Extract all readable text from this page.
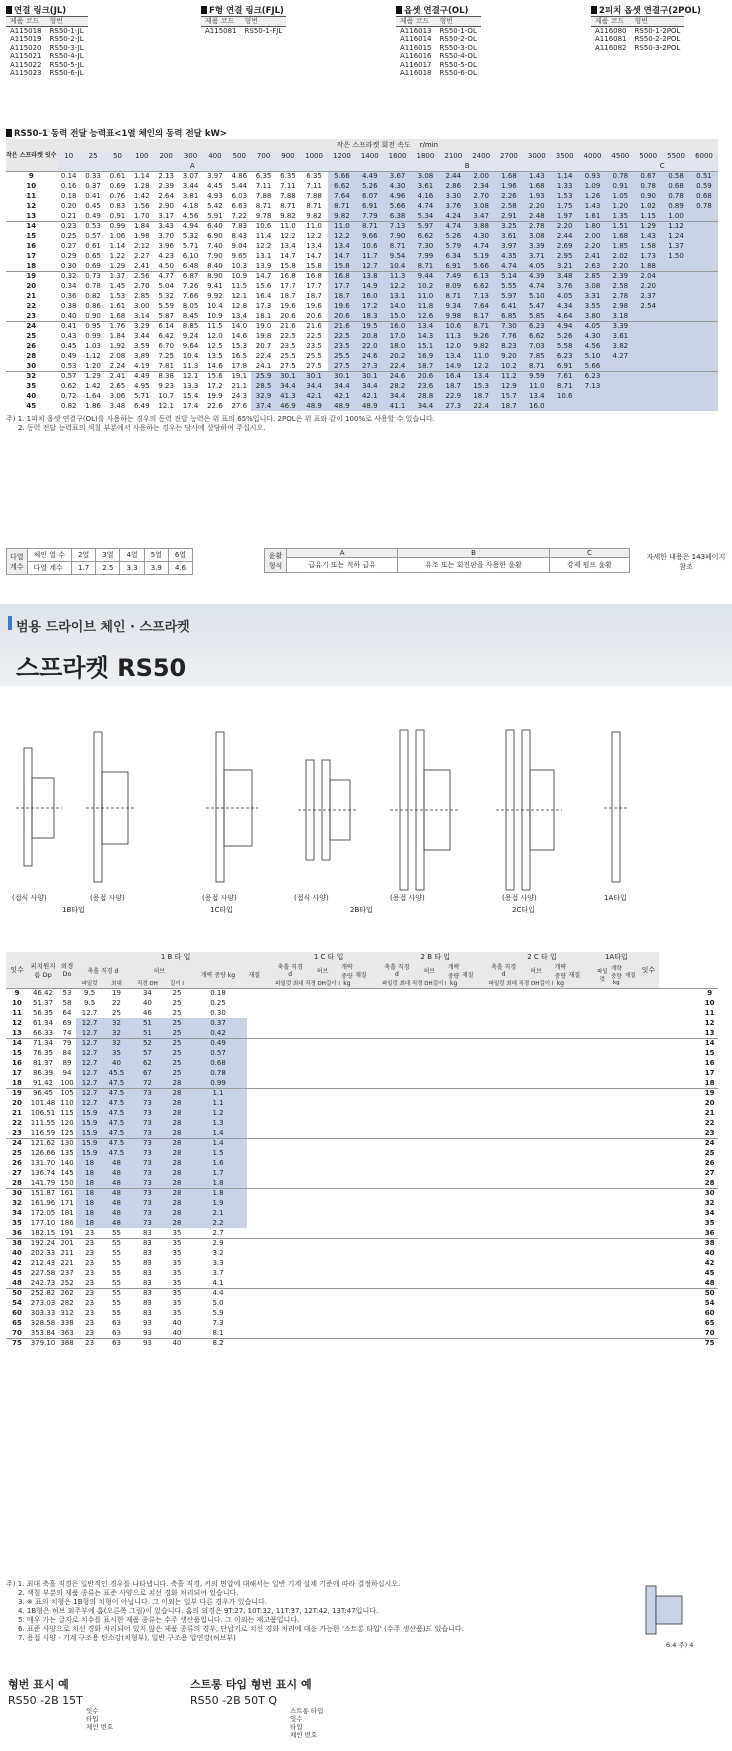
연결 링크(JL)
제품 코드	형번
A115018	RS50-1-JL
A115019	RS50-2-JL
A115020	RS50-3-JL
A115021	RS50-4-JL
A115022	RS50-5-JL
A115023	RS50-6-JL
F형 연결 링크(FJL)
제품 코드	형번
A115081	RS50-1-FJL
옵셋 연결구(OL)
제품 코드	형번
A116013	RS50-1-OL
A116014	RS50-2-OL
A116015	RS50-3-OL
A116016	RS50-4-OL
A116017	RS50-5-OL
A116018	RS50-6-OL
2피치 옵셋 연결구(2POL)
제품 코드	형번
A116080	RS50-1-2POL
A116081	RS50-2-2POL
A116082	RS50-3-2POL
RS50-1 동력 전달 능력표<1열 체인의 동력 전달 kW>
작은 스프라켓 잇수	작은 스프라켓 회전 속도 r/min																								
	10	25	50	100	200	300	400	500	700	900	1000	1200	1400	1600	1800	2100	2400	2700	3000	3500	4000	4500	5000	5500	6000
	A											B										C			
9	0.14	0.33	0.61	1.14	2.13	3.07	3.97	4.86	6.35	6.35	6.35	5.66	4.49	3.67	3.08	2.44	2.00	1.68	1.43	1.14	0.93	0.78	0.67	0.58	0.51
10	0.16	0.37	0.69	1.28	2.39	3.44	4.45	5.44	7.11	7.11	7.11	6.62	5.26	4.30	3.61	2.86	2.34	1.96	1.68	1.33	1.09	0.91	0.78	0.68	0.59
11	0.18	0.41	0.76	1.42	2.64	3.81	4.93	6.03	7.88	7.88	7.88	7.64	6.07	4.96	4.16	3.30	2.70	2.26	1.93	1.53	1.26	1.05	0.90	0.78	0.68
12	0.20	0.45	0.83	1.56	2.90	4.18	5.42	6.63	8.71	8.71	8.71	8.71	6.91	5.66	4.74	3.76	3.08	2.58	2.20	1.75	1.43	1.20	1.02	0.89	0.78
13	0.21	0.49	0.91	1.70	3.17	4.56	5.91	7.22	9.78	9.82	9.82	9.82	7.79	6.38	5.34	4.24	3.47	2.91	2.48	1.97	1.61	1.35	1.15	1.00	
14	0.23	0.53	0.99	1.84	3.43	4.94	6.40	7.83	10.6	11.0	11.0	11.0	8.71	7.13	5.97	4.74	3.88	3.25	2.78	2.20	1.80	1.51	1.29	1.12	
15	0.25	0.57	1.06	1.98	3.70	5.32	6.90	8.43	11.4	12.2	12.2	12.2	9.66	7.90	6.62	5.26	4.30	3.61	3.08	2.44	2.00	1.68	1.43	1.24	
16	0.27	0.61	1.14	2.12	3.96	5.71	7.40	9.04	12.2	13.4	13.4	13.4	10.6	8.71	7.30	5.79	4.74	3.97	3.39	2.69	2.20	1.85	1.58	1.37	
17	0.29	0.65	1.22	2.27	4.23	6.10	7.90	9.65	13.1	14.7	14.7	14.7	11.7	9.54	7.99	6.34	5.19	4.35	3.71	2.95	2.41	2.02	1.73	1.50	
18	0.30	0.69	1.29	2.41	4.50	6.48	8.40	10.3	13.9	15.8	15.8	15.8	12.7	10.4	8.71	6.91	5.66	4.74	4.05	3.21	2.63	2.20	1.88		
19	0.32	0.73	1.37	2.56	4.77	6.87	8.90	10.9	14.7	16.8	16.8	16.8	13.8	11.3	9.44	7.49	6.13	5.14	4.39	3.48	2.85	2.39	2.04		
20	0.34	0.78	1.45	2.70	5.04	7.26	9.41	11.5	15.6	17.7	17.7	17.7	14.9	12.2	10.2	8.09	6.62	5.55	4.74	3.76	3.08	2.58	2.20		
21	0.36	0.82	1.53	2.85	5.32	7.66	9.92	12.1	16.4	18.7	18.7	18.7	16.0	13.1	11.0	8.71	7.13	5.97	5.10	4.05	3.31	2.78	2.37		
22	0.38	0.86	1.61	3.00	5.59	8.05	10.4	12.8	17.3	19.6	19.6	19.6	17.2	14.0	11.8	9.34	7.64	6.41	5.47	4.34	3.55	2.98	2.54		
23	0.40	0.90	1.68	3.14	5.87	8.45	10.9	13.4	18.1	20.6	20.6	20.6	18.3	15.0	12.6	9.98	8.17	6.85	5.85	4.64	3.80	3.18			
24	0.41	0.95	1.76	3.29	6.14	8.85	11.5	14.0	19.0	21.6	21.6	21.6	19.5	16.0	13.4	10.6	8.71	7.30	6.23	4.94	4.05	3.39			
25	0.43	0.99	1.84	3.44	6.42	9.24	12.0	14.6	19.8	22.5	22.5	22.5	20.8	17.0	14.3	11.3	9.26	7.76	6.62	5.26	4.30	3.61			
26	0.45	1.03	1.92	3.59	6.70	9.64	12.5	15.3	20.7	23.5	23.5	23.5	22.0	18.0	15.1	12.0	9.82	8.23	7.03	5.58	4.56	3.82			
28	0.49	1.12	2.08	3.89	7.25	10.4	13.5	16.5	22.4	25.5	25.5	25.5	24.6	20.2	16.9	13.4	11.0	9.20	7.85	6.23	5.10	4.27			
30	0.53	1.20	2.24	4.19	7.81	11.3	14.6	17.8	24.1	27.5	27.5	27.5	27.3	22.4	18.7	14.9	12.2	10.2	8.71	6.91	5.66				
32	0.57	1.29	2.41	4.49	8.38	12.1	15.6	19.1	25.9	30.1	30.1	30.1	30.1	24.6	20.6	16.4	13.4	11.2	9.59	7.61	6.23				
35	0.62	1.42	2.65	4.95	9.23	13.3	17.2	21.1	28.5	34.4	34.4	34.4	34.4	28.2	23.6	18.7	15.3	12.9	11.0	8.71	7.13				
40	0.72	1.64	3.06	5.71	10.7	15.4	19.9	24.3	32.9	41.3	42.1	42.1	42.1	34.4	28.8	22.9	18.7	15.7	13.4	10.6					
45	0.82	1.86	3.48	6.49	12.1	17.4	22.6	27.6	37.4	46.9	48.9	48.9	48.9	41.1	34.4	27.3	22.4	18.7	16.0						
주) 1. 1피치 옵셋 연결구(OL)를 사용하는 경우의 동력 전달 능력은 위 표의 65%입니다. 2POL은 위 표와 같이 100%로 사용할 수 있습니다.
2. 동력 전달 능력표의 색칠 부분에서 사용하는 경우는 당사에 상담하여 주십시오.
다열
계수	체인 열 수	2열	3열	4열	5열	6열
	다열 계수	1.7	2.5	3.3	3.9	4.6
윤활
형식	A	B	C
	급유기 또는 적하 급유	유조 또는 회전판을 사용한 윤활	강제 펌프 윤활
자세한 내용은 143페이지 참조
범용 드라이브 체인 · 스프라켓
스프라켓 RS50
(접식 사양)	(용접 사양)
1B타입
(용접 사양)
1C타입
(접식 사양)	(용접 사양)
2B타입
(용접 사양)
2C타입
1A타입
잇수	피치원지름 Dp	외경 Do	1 B 타 입							1 C 타 입							2 B 타 입							2 C 타 입							1A타입			잇수				
			축흘 직경 d		허브		개략 중량 kg	재질		축흘 직경 d		허브		개략 중량 kg	재질		축흘 직경 d		허브		개략 중량 kg	재질		축흘 직경 d		허브		개략 중량 kg	재질		파일럿	개략 중량 kg	재질					
			파일럿	최대	직경 DH	길이 l				파일럿	최대	직경 DH	길이 l				파일럿	최대	직경 DH	길이 l				파일럿	최대	직경 DH	길이 l											
9	46.42	53	9.5	19	34	25	0.18																															9
10	51.37	58	9.5	22	40	25	0.25																															10
11	56.35	64	12.7	25	46	25	0.30																															11
12	61.34	69	12.7	32	51	25	0.37																															12
13	66.33	74	12.7	32	51	25	0.42																															13
14	71.34	79	12.7	32	52	25	0.49																															14
15	76.35	84	12.7	35	57	25	0.57																															15
16	81.37	89	12.7	40	62	25	0.68																															16
17	86.39	94	12.7	45.5	67	25	0.78																															17
18	91.42	100	12.7	47.5	72	28	0.99																															18
19	96.45	105	12.7	47.5	73	28	1.1																															19
20	101.48	110	12.7	47.5	73	28	1.1																															20
21	106.51	115	15.9	47.5	73	28	1.2																															21
22	111.55	120	15.9	47.5	73	28	1.3																															22
23	116.59	125	15.9	47.5	73	28	1.4																															23
24	121.62	130	15.9	47.5	73	28	1.4																															24
25	126.66	135	15.9	47.5	73	28	1.5																															25
26	131.70	140	18	48	73	28	1.6																															26
27	136.74	145	18	48	73	28	1.7																															27
28	141.79	150	18	48	73	28	1.8																															28
30	151.87	161	18	48	73	28	1.8																															30
32	161.96	171	18	48	73	28	1.9																															32
34	172.05	181	18	48	73	28	2.1																															34
35	177.10	186	18	48	73	28	2.2																															35
36	182.15	191	23	55	83	35	2.7																															36
38	192.24	201	23	55	83	35	2.9																															38
40	202.33	211	23	55	83	35	3.2																															40
42	212.43	221	23	55	83	35	3.3																															42
45	227.58	237	23	55	83	35	3.7																															45
48	242.73	252	23	55	83	35	4.1																															48
50	252.82	262	23	55	83	35	4.4																															50
54	273.03	282	23	55	83	35	5.0																															54
60	303.33	312	23	55	83	35	5.9																															60
65	328.58	338	23	63	93	40	7.3																															65
70	353.84	363	23	63	93	40	8.1																															70
75	379.10	388	23	63	93	40	8.2																															75
주) 1. 최대 축흘 직경은 일반적인 경우를 나타냅니다. 축흘 직경, 키의 면압에 대해서는 일반 기계 설계 기준에 따라 결정하십시오.
2. 색칠 부분의 제품 종류는 표준 사양으로 치선 경화 처리되어 있습니다.
3. ※ 표의 치형은 1B형의 치형이 아닙니다. 그 이외는 일부 다른 경우가 있습니다.
4. 1B형은 허브 외주부에 홈(오른쪽 그림)이 있습니다. 홈의 외경은 9T:27, 10T:32, 11T:37, 12T:42, 13T:47입니다.
5. 매우 가는 글자로 치수를 표시한 제품 종류는 수주 생산품입니다. 그 이외는 재고품입니다.
6. 표준 사양으로 치선 경화 처리되어 있지 않은 제품 종류의 경우, 단납기로 치선 경화 처리에 대응 가능한 '스트롱 타입' (수주 생산품)도 있습니다.
7. 용접 사양 · 기계 구조용 탄소강(치형부), 일반 구조용 압연강(허브부)
6.4 주) 4
형번 표시 예
RS50 -2B 15T
잇수
타입
체인 번호
스트롱 타입 형번 표시 예
RS50 -2B 50T Q
스트롱 타입
잇수
타입
체인 번호
